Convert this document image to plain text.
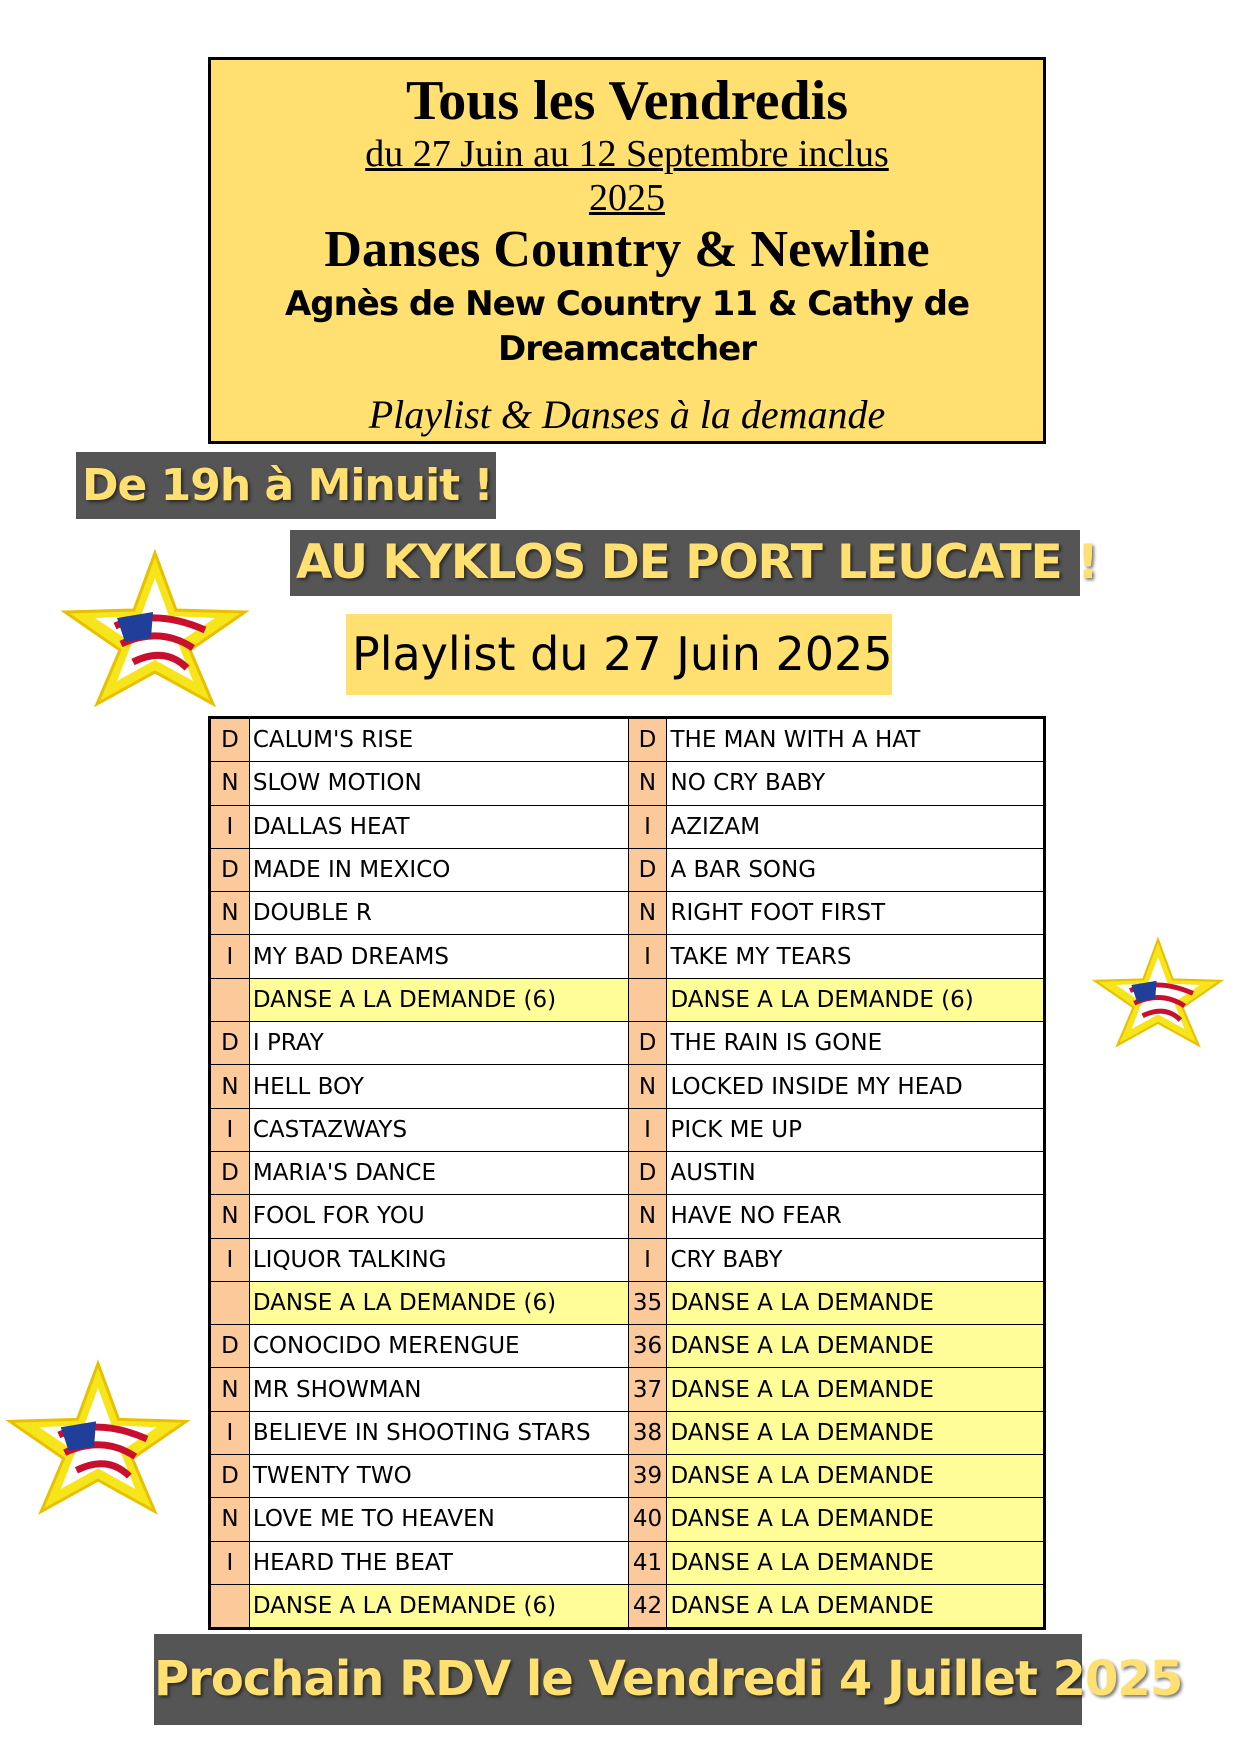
Tous les Vendredis
du 27 Juin au 12 Septembre inclus
2025
Danses Country & Newline
Agnès de New Country 11 & Cathy de
Dreamcatcher
Playlist & Danses à la demande
De 19h à Minuit !
AU KYKLOS DE PORT LEUCATE !
Playlist du 27 Juin 2025
D	CALUM'S RISE	D	THE MAN WITH A HAT
N	SLOW MOTION	N	NO CRY BABY
I	DALLAS HEAT	I	AZIZAM
D	MADE IN MEXICO	D	A BAR SONG
N	DOUBLE R	N	RIGHT FOOT FIRST
I	MY BAD DREAMS	I	TAKE MY TEARS
	DANSE A LA DEMANDE (6)		DANSE A LA DEMANDE (6)
D	I PRAY	D	THE RAIN IS GONE
N	HELL BOY	N	LOCKED INSIDE MY HEAD
I	CASTAZWAYS	I	PICK ME UP
D	MARIA'S DANCE	D	AUSTIN
N	FOOL FOR YOU	N	HAVE NO FEAR
I	LIQUOR TALKING	I	CRY BABY
	DANSE A LA DEMANDE (6)	35	DANSE A LA DEMANDE
D	CONOCIDO MERENGUE	36	DANSE A LA DEMANDE
N	MR SHOWMAN	37	DANSE A LA DEMANDE
I	BELIEVE IN SHOOTING STARS	38	DANSE A LA DEMANDE
D	TWENTY TWO	39	DANSE A LA DEMANDE
N	LOVE ME TO HEAVEN	40	DANSE A LA DEMANDE
I	HEARD THE BEAT	41	DANSE A LA DEMANDE
	DANSE A LA DEMANDE (6)	42	DANSE A LA DEMANDE
Prochain RDV le Vendredi 4 Juillet 2025
